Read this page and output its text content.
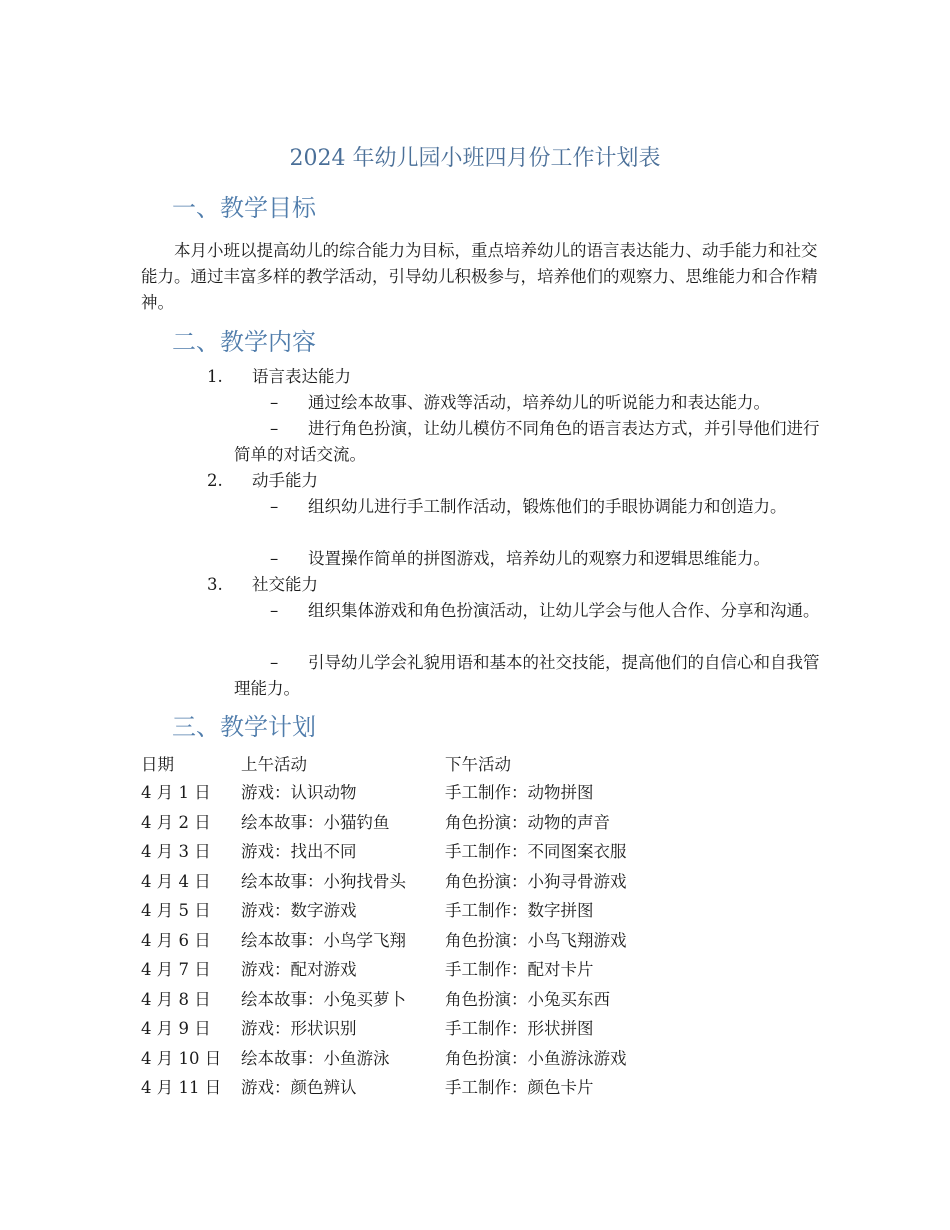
2024 年幼儿园小班四月份工作计划表
一、教学目标

本月小班以提高幼儿的综合能力为目标，重点培养幼儿的语言表达能力、动手能力和社交能力。通过丰富多样的教学活动，引导幼儿积极参与，培养他们的观察力、思维能力和合作精神。

二、教学内容
1. 语言表达能力
–	通过绘本故事、游戏等活动，培养幼儿的听说能力和表达能力。

–	进行角色扮演，让幼儿模仿不同角色的语言表达方式，并引导他们进行简单的对话交流。

2. 动手能力
–	组织幼儿进行手工制作活动，锻炼他们的手眼协调能力和创造力。

–	设置操作简单的拼图游戏，培养幼儿的观察力和逻辑思维能力。

3. 社交能力
–	组织集体游戏和角色扮演活动，让幼儿学会与他人合作、分享和沟通。

–	引导幼儿学会礼貌用语和基本的社交技能，提高他们的自信心和自我管理能力。

三、教学计划
日期	上午活动	下午活动
4 月 1 日 游戏：认识动物	手工制作：动物拼图
4 月 2 日 绘本故事：小猫钓鱼	角色扮演：动物的声音
4 月 3 日 游戏：找出不同	手工制作：不同图案衣服
4 月 4 日 绘本故事：小狗找骨头 角色扮演：小狗寻骨游戏
4 月 5 日 游戏：数字游戏	手工制作：数字拼图
4 月 6 日 绘本故事：小鸟学飞翔 角色扮演：小鸟飞翔游戏
4 月 7 日 游戏：配对游戏	手工制作：配对卡片
4 月 8 日 绘本故事：小兔买萝卜 角色扮演：小兔买东西
4 月 9 日 游戏：形状识别	手工制作：形状拼图
4 月 10 日 绘本故事：小鱼游泳	角色扮演：小鱼游泳游戏
4 月 11 日 游戏：颜色辨认	手工制作：颜色卡片
